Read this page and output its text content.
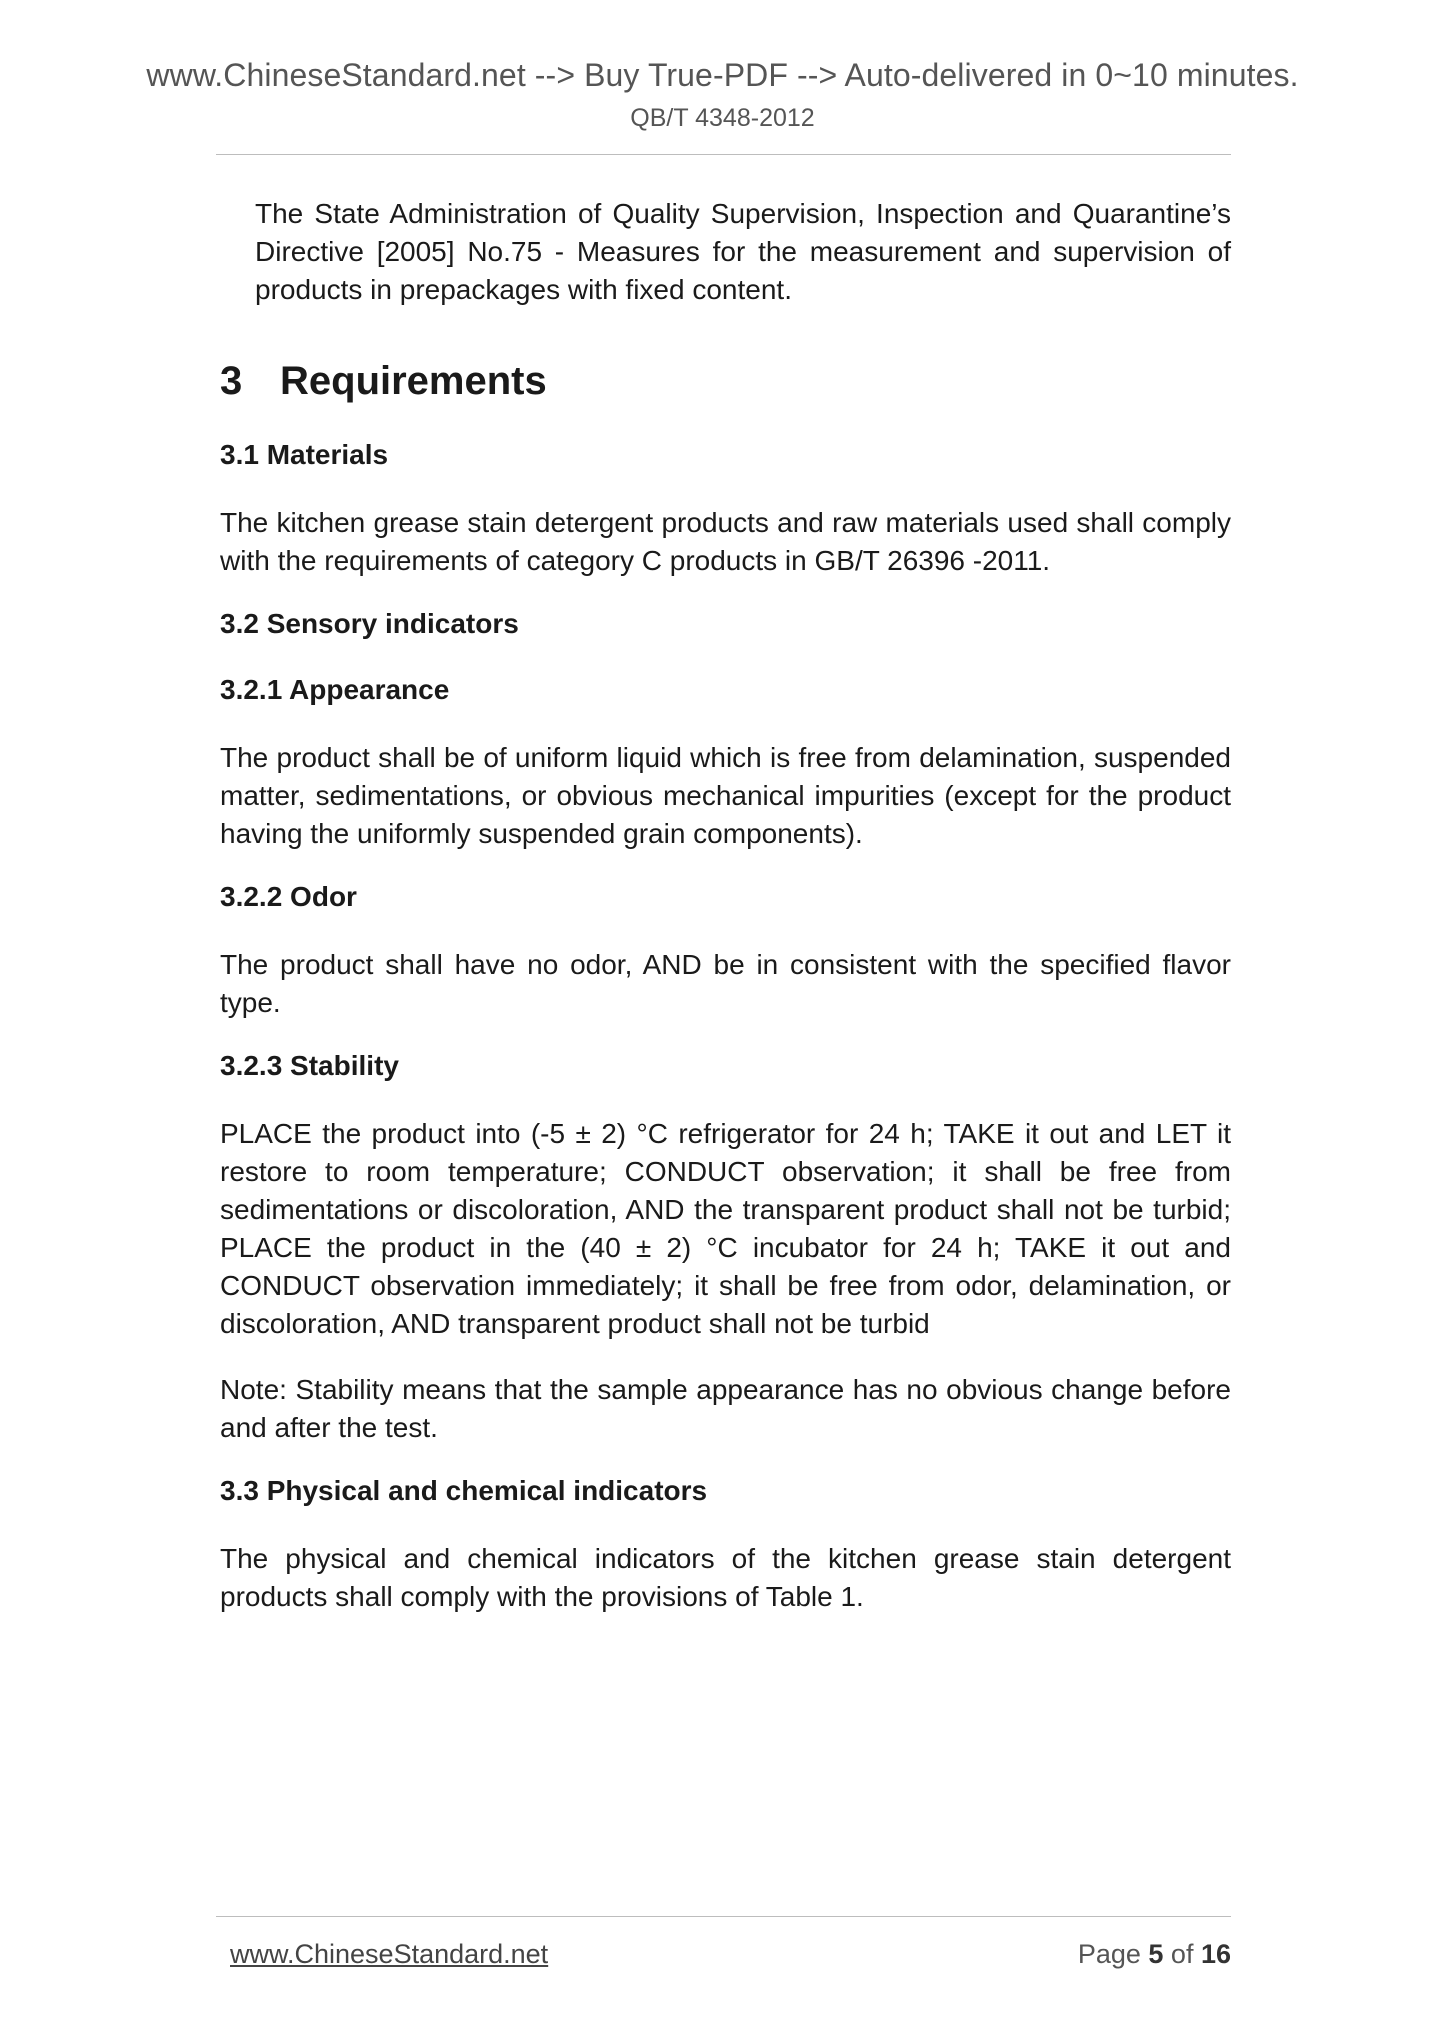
www.ChineseStandard.net --> Buy True-PDF --> Auto-delivered in 0~10 minutes.
QB/T 4348-2012

The State Administration of Quality Supervision, Inspection and Quarantine’s Directive [2005] No.75 - Measures for the measurement and supervision of products in prepackages with fixed content.

3 Requirements
3.1 Materials

The kitchen grease stain detergent products and raw materials used shall comply with the requirements of category C products in GB/T 26396 -2011.

3.2 Sensory indicators
3.2.1 Appearance

The product shall be of uniform liquid which is free from delamination, suspended matter, sedimentations, or obvious mechanical impurities (except for the product having the uniformly suspended grain components).

3.2.2 Odor

The product shall have no odor, AND be in consistent with the specified flavor type.

3.2.3 Stability

PLACE the product into (-5 ± 2) °C refrigerator for 24 h; TAKE it out and LET it restore to room temperature; CONDUCT observation; it shall be free from sedimentations or discoloration, AND the transparent product shall not be turbid; PLACE the product in the (40 ± 2) °C incubator for 24 h; TAKE it out and CONDUCT observation immediately; it shall be free from odor, delamination, or discoloration, AND transparent product shall not be turbid

Note: Stability means that the sample appearance has no obvious change before and after the test.

3.3 Physical and chemical indicators

The physical and chemical indicators of the kitchen grease stain detergent products shall comply with the provisions of Table 1.

www.ChineseStandard.net	Page 5 of 16
